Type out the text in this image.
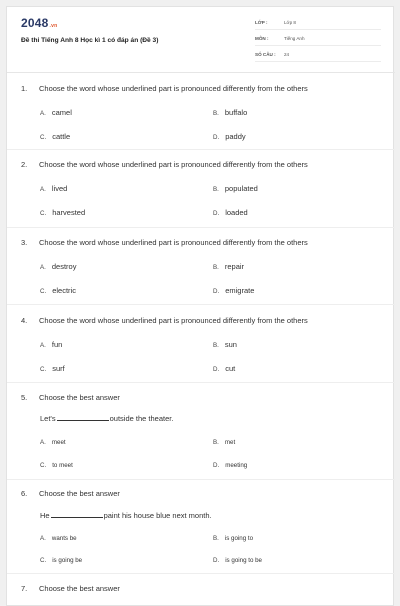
2048.vn
Đề thi Tiếng Anh 8 Học kì 1 có đáp án (Đề 3)
LỚP :	Lớp 8
MÔN :	Tiếng Anh
SỐ CÂU : 24
1. Choose the word whose underlined part is pronounced differently from the others
A. camel	B. buffalo
C. cattle	D. paddy
2. Choose the word whose underlined part is pronounced differently from the others
A. lived	B. populated
C. harvested	D. loaded
3. Choose the word whose underlined part is pronounced differently from the others
A. destroy	B. repair
C. electric	D. emigrate
4. Choose the word whose underlined part is pronounced differently from the others
A. fun	B. sun
C. surf	D. cut
5. Choose the best answer
Let's	outside the theater.
A. meet	B. met
C. to meet	D. meeting
6. Choose the best answer
He	paint his house blue next month.
A. wants be	B. is going to
C. is going be	D. is going to be
7. Choose the best answer
